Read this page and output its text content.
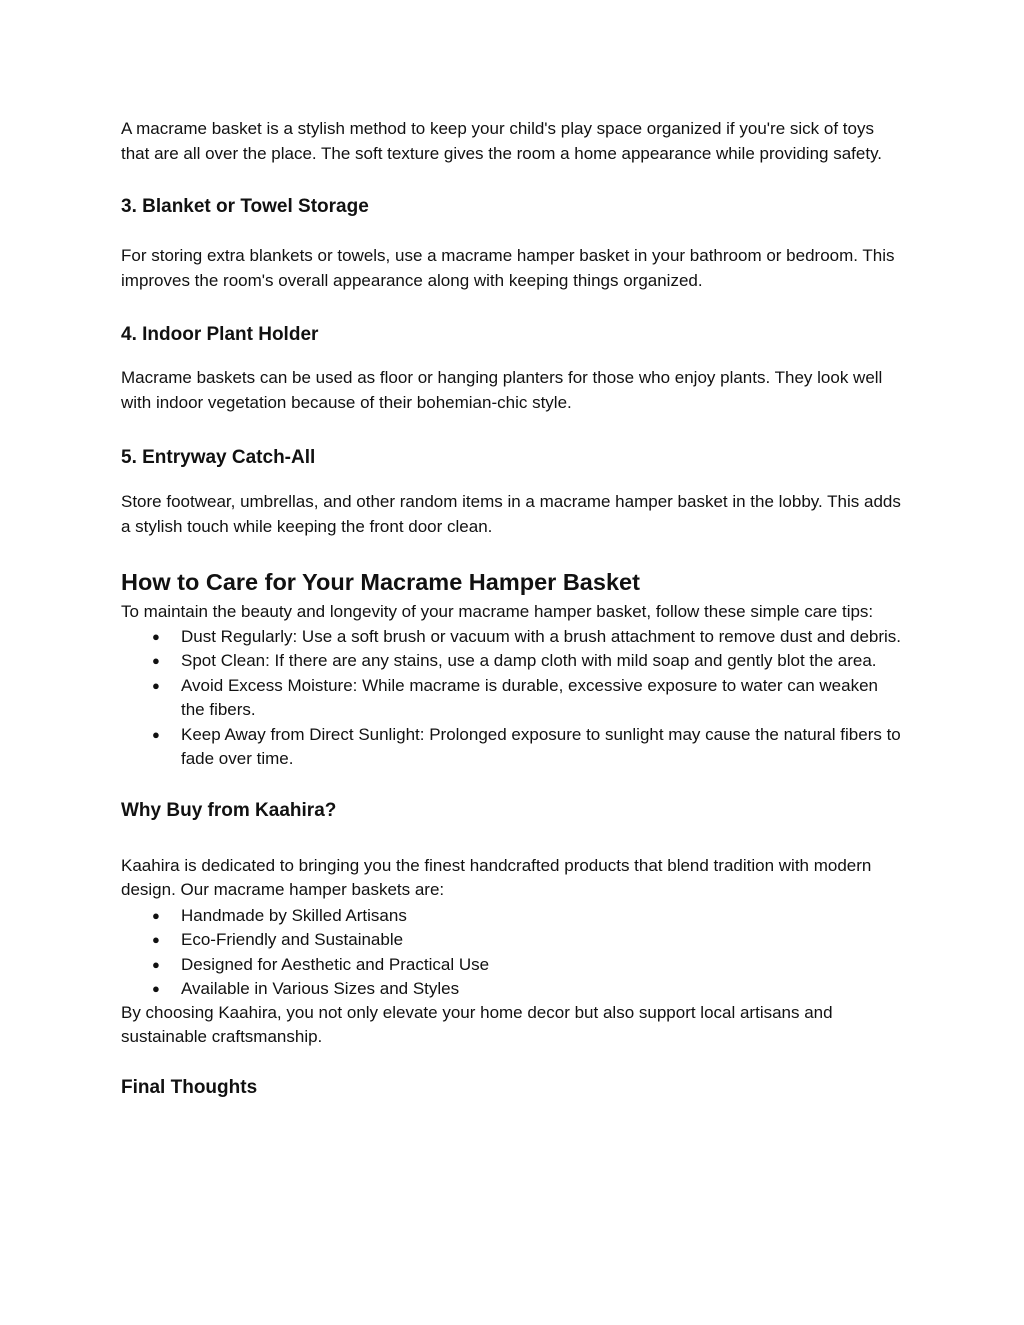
A macrame basket is a stylish method to keep your child's play space organized if you're sick of toys that are all over the place. The soft texture gives the room a home appearance while providing safety.

3. Blanket or Towel Storage

For storing extra blankets or towels, use a macrame hamper basket in your bathroom or bedroom. This improves the room's overall appearance along with keeping things organized.

4. Indoor Plant Holder

Macrame baskets can be used as floor or hanging planters for those who enjoy plants. They look well with indoor vegetation because of their bohemian-chic style.

5. Entryway Catch-All

Store footwear, umbrellas, and other random items in a macrame hamper basket in the lobby. This adds a stylish touch while keeping the front door clean.

How to Care for Your Macrame Hamper Basket

To maintain the beauty and longevity of your macrame hamper basket, follow these simple care tips:

● Dust Regularly: Use a soft brush or vacuum with a brush attachment to remove dust and debris.
● Spot Clean: If there are any stains, use a damp cloth with mild soap and gently blot the area.
● Avoid Excess Moisture: While macrame is durable, excessive exposure to water can weaken the fibers.
● Keep Away from Direct Sunlight: Prolonged exposure to sunlight may cause the natural fibers to fade over time.
Why Buy from Kaahira?

Kaahira is dedicated to bringing you the finest handcrafted products that blend tradition with modern design. Our macrame hamper baskets are:

● Handmade by Skilled Artisans
● Eco-Friendly and Sustainable
● Designed for Aesthetic and Practical Use
● Available in Various Sizes and Styles

By choosing Kaahira, you not only elevate your home decor but also support local artisans and sustainable craftsmanship.

Final Thoughts
